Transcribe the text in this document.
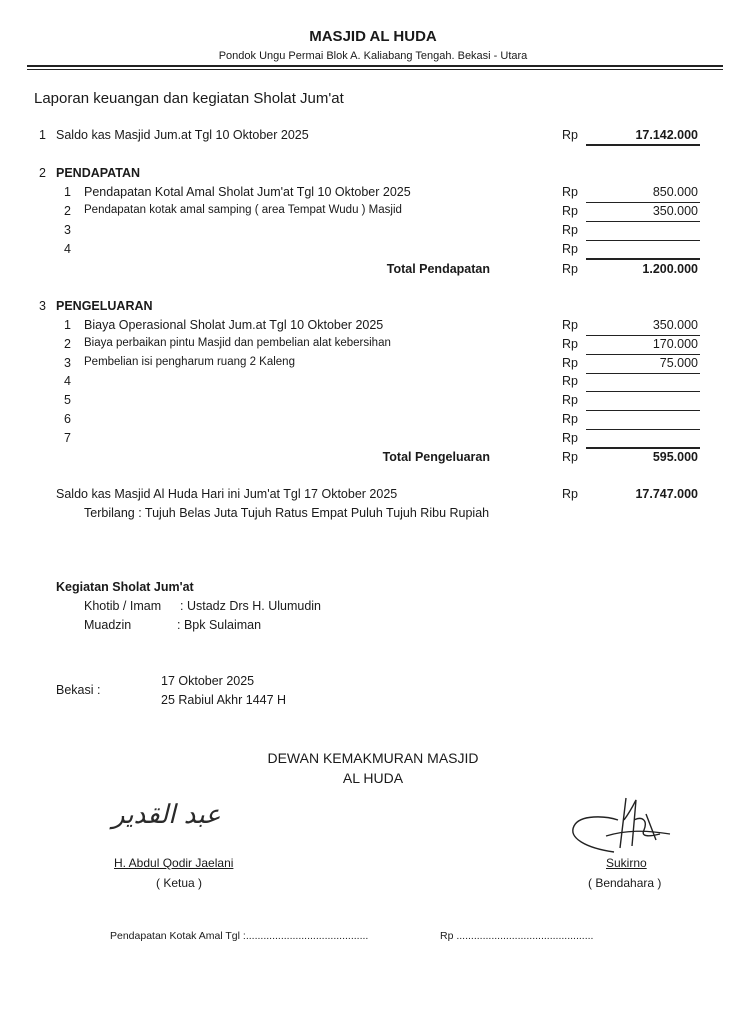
MASJID AL HUDA
Pondok Ungu Permai Blok A. Kaliabang Tengah. Bekasi - Utara
Laporan keuangan dan kegiatan Sholat Jum'at
1 Saldo kas Masjid Jum.at Tgl 10 Oktober 2025	Rp	17.142.000
2 PENDAPATAN
1 Pendapatan Kotal Amal Sholat Jum'at Tgl 10 Oktober 2025	Rp	850.000
2 Pendapatan kotak amal samping ( area Tempat Wudu ) Masjid	Rp	350.000
3	Rp
4	Rp
Total Pendapatan	Rp	1.200.000
3 PENGELUARAN
1 Biaya Operasional Sholat Jum.at Tgl 10 Oktober 2025	Rp	350.000
2 Biaya perbaikan pintu Masjid dan pembelian alat kebersihan	Rp	170.000
3 Pembelian isi pengharum ruang 2 Kaleng	Rp	75.000
4	Rp
5	Rp
6	Rp
7	Rp
Total Pengeluaran	Rp	595.000
Saldo kas Masjid Al Huda Hari ini Jum'at Tgl 17 Oktober 2025	Rp	17.747.000
Terbilang : Tujuh Belas Juta Tujuh Ratus Empat Puluh Tujuh Ribu Rupiah
Kegiatan Sholat Jum'at
Khotib / Imam : Ustadz Drs H. Ulumudin
Muadzin	: Bpk Sulaiman
Bekasi :
17 Oktober 2025
25 Rabiul Akhr 1447 H
DEWAN KEMAKMURAN MASJID
AL HUDA
عبد القدير
H. Abdul Qodir Jaelani
( Ketua )
Sukirno
( Bendahara )
Pendapatan Kotak Amal Tgl :..........................................	Rp ...............................................
